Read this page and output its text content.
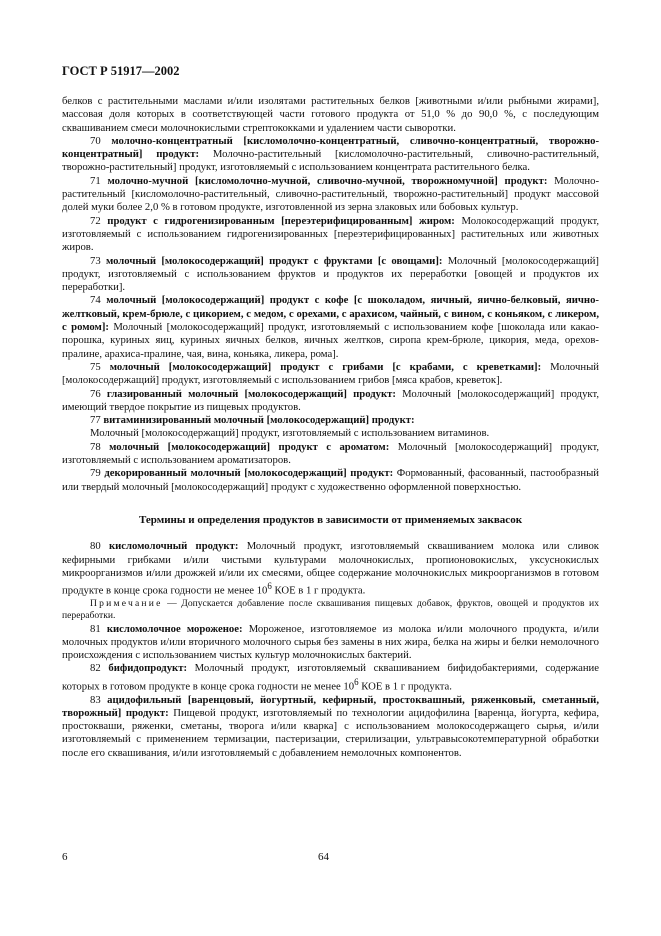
ГОСТ Р 51917—2002

белков с растительными маслами и/или изолятами растительных белков [животными и/или рыбными жирами], массовая доля которых в соответствующей части готового продукта от 51,0 % до 90,0 %, с последующим сквашиванием смеси молочнокислыми стрептококками и удалением части сыворотки.

70 молочно-концентратный [кисломолочно-концентратный, сливочно-концентратный, творожно-концентратный] продукт: Молочно-растительный [кисломолочно-растительный, сливочно-растительный, творожно-растительный] продукт, изготовляемый с использованием концентрата растительного белка.

71 молочно-мучной [кисломолочно-мучной, сливочно-мучной, творожномучной] продукт: Молочно-растительный [кисломолочно-растительный, сливочно-растительный, творожно-растительный] продукт массовой долей муки более 2,0 % в готовом продукте, изготовленной из зерна злаковых или бобовых культур.

72 продукт с гидрогенизированным [переэтерифицированным] жиром: Молокосодержащий продукт, изготовляемый с использованием гидрогенизированных [переэтерифицированных] растительных или животных жиров.

73 молочный [молокосодержащий] продукт с фруктами [с овощами]: Молочный [молокосодержащий] продукт, изготовляемый с использованием фруктов и продуктов их переработки [овощей и продуктов их переработки].

74 молочный [молокосодержащий] продукт с кофе [с шоколадом, яичный, яично-белковый, яично-желтковый, крем-брюле, с цикорием, с медом, с орехами, с арахисом, чайный, с вином, с коньяком, с ликером, с ромом]: Молочный [молокосодержащий] продукт, изготовляемый с использованием кофе [шоколада или какао-порошка, куриных яиц, куриных яичных белков, яичных желтков, сиропа крем-брюле, цикория, меда, орехов-пралине, арахиса-пралине, чая, вина, коньяка, ликера, рома].

75 молочный [молокосодержащий] продукт с грибами [с крабами, с креветками]: Молочный [молокосодержащий] продукт, изготовляемый с использованием грибов [мяса крабов, креветок].

76 глазированный молочный [молокосодержащий] продукт: Молочный [молокосодержащий] продукт, имеющий твердое покрытие из пищевых продуктов.

77 витаминизированный молочный [молокосодержащий] продукт:

Молочный [молокосодержащий] продукт, изготовляемый с использованием витаминов.

78 молочный [молокосодержащий] продукт с ароматом: Молочный [молокосодержащий] продукт, изготовляемый с использованием ароматизаторов.

79 декорированный молочный [молокосодержащий] продукт: Формованный, фасованный, пастообразный или твердый молочный [молокосодержащий] продукт с художественно оформленной поверхностью.

Термины и определения продуктов в зависимости от применяемых заквасок

80 кисломолочный продукт: Молочный продукт, изготовляемый сквашиванием молока или сливок кефирными грибками и/или чистыми культурами молочнокислых, пропионовокислых, уксуснокислых микроорганизмов и/или дрожжей и/или их смесями, общее содержание молочнокислых микроорганизмов в готовом продукте в конце срока годности не менее $10^6$ КОЕ в 1 г продукта.

Примечание — Допускается добавление после сквашивания пищевых добавок, фруктов, овощей и продуктов их переработки.

81 кисломолочное мороженое: Мороженое, изготовляемое из молока и/или молочного продукта, и/или молочных продуктов и/или вторичного молочного сырья без замены в них жира, белка на жиры и белки немолочного происхождения с использованием чистых культур молочнокислых бактерий.

82 бифидопродукт: Молочный продукт, изготовляемый сквашиванием бифидобактериями, содержание которых в готовом продукте в конце срока годности не менее $10^6$ КОЕ в 1 г продукта.

83 ацидофильный [варенцовый, йогуртный, кефирный, простоквашный, ряженковый, сметанный, творожный] продукт: Пищевой продукт, изготовляемый по технологии ацидофилина [варенца, йогурта, кефира, простокваши, ряженки, сметаны, творога и/или кварка] с использованием молокосодержащего сырья, и/или изготовляемый с применением термизации, пастеризации, стерилизации, ультравысокотемпературной обработки после его сквашивания, и/или изготовляемый с добавлением немолочных компонентов.

6	64
